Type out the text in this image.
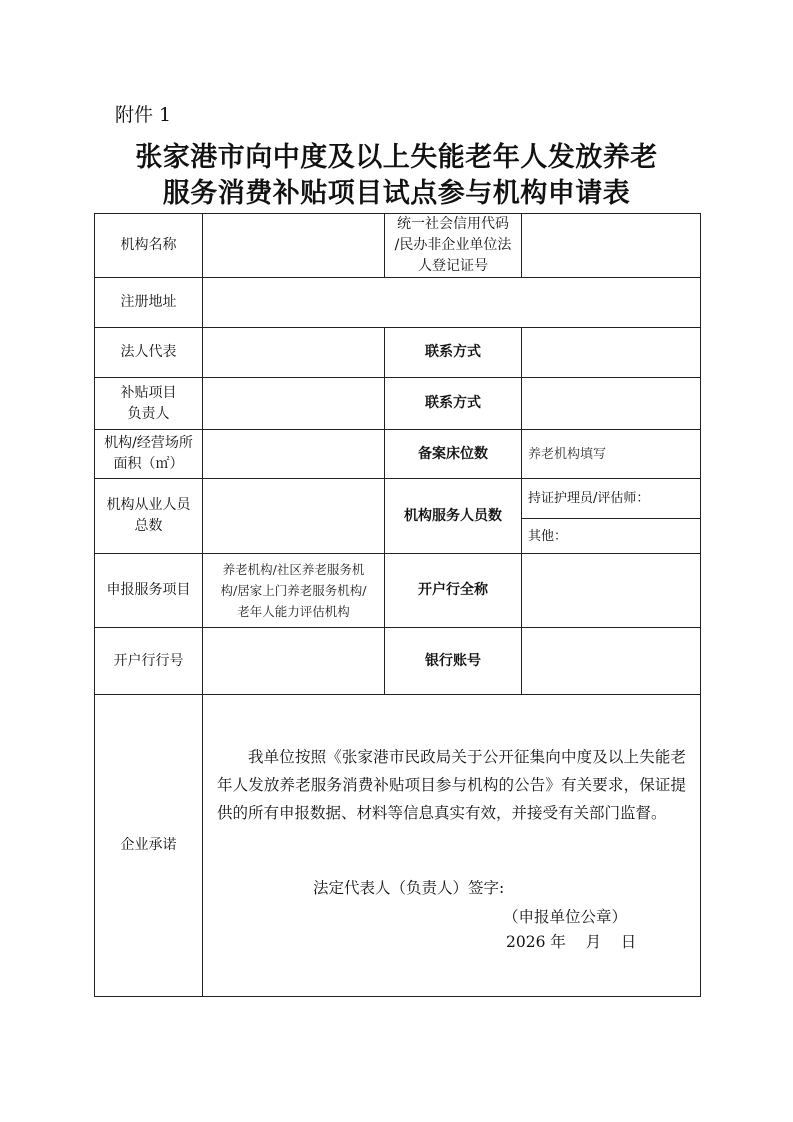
附件 1
张家港市向中度及以上失能老年人发放养老
服务消费补贴项目试点参与机构申请表
机构名称		统一社会信用代码
/民办非企业单位法
人登记证号	

注册地址			
法人代表		联系方式	

补贴项目
负责人		联系方式	

机构/经营场所
面积（㎡）		备案床位数	养老机构填写

机构从业人员
总数		机构服务人员数	持证护理员/评估师：
			其他：
申报服务项目	养老机构/社区养老服务机
构/居家上门养老服务机构/
老年人能力评估机构	开户行全称	
开户行行号		银行账号	
企业承诺	我单位按照《张家港市民政局关于公开征集向中度及以上失能老年人发放养老服务消费补贴项目参与机构的公告》有关要求，保证提供的所有申报数据、材料等信息真实有效，并接受有关部门监督。
法定代表人（负责人）签字:
（申报单位公章）
2026 年    月    日		
